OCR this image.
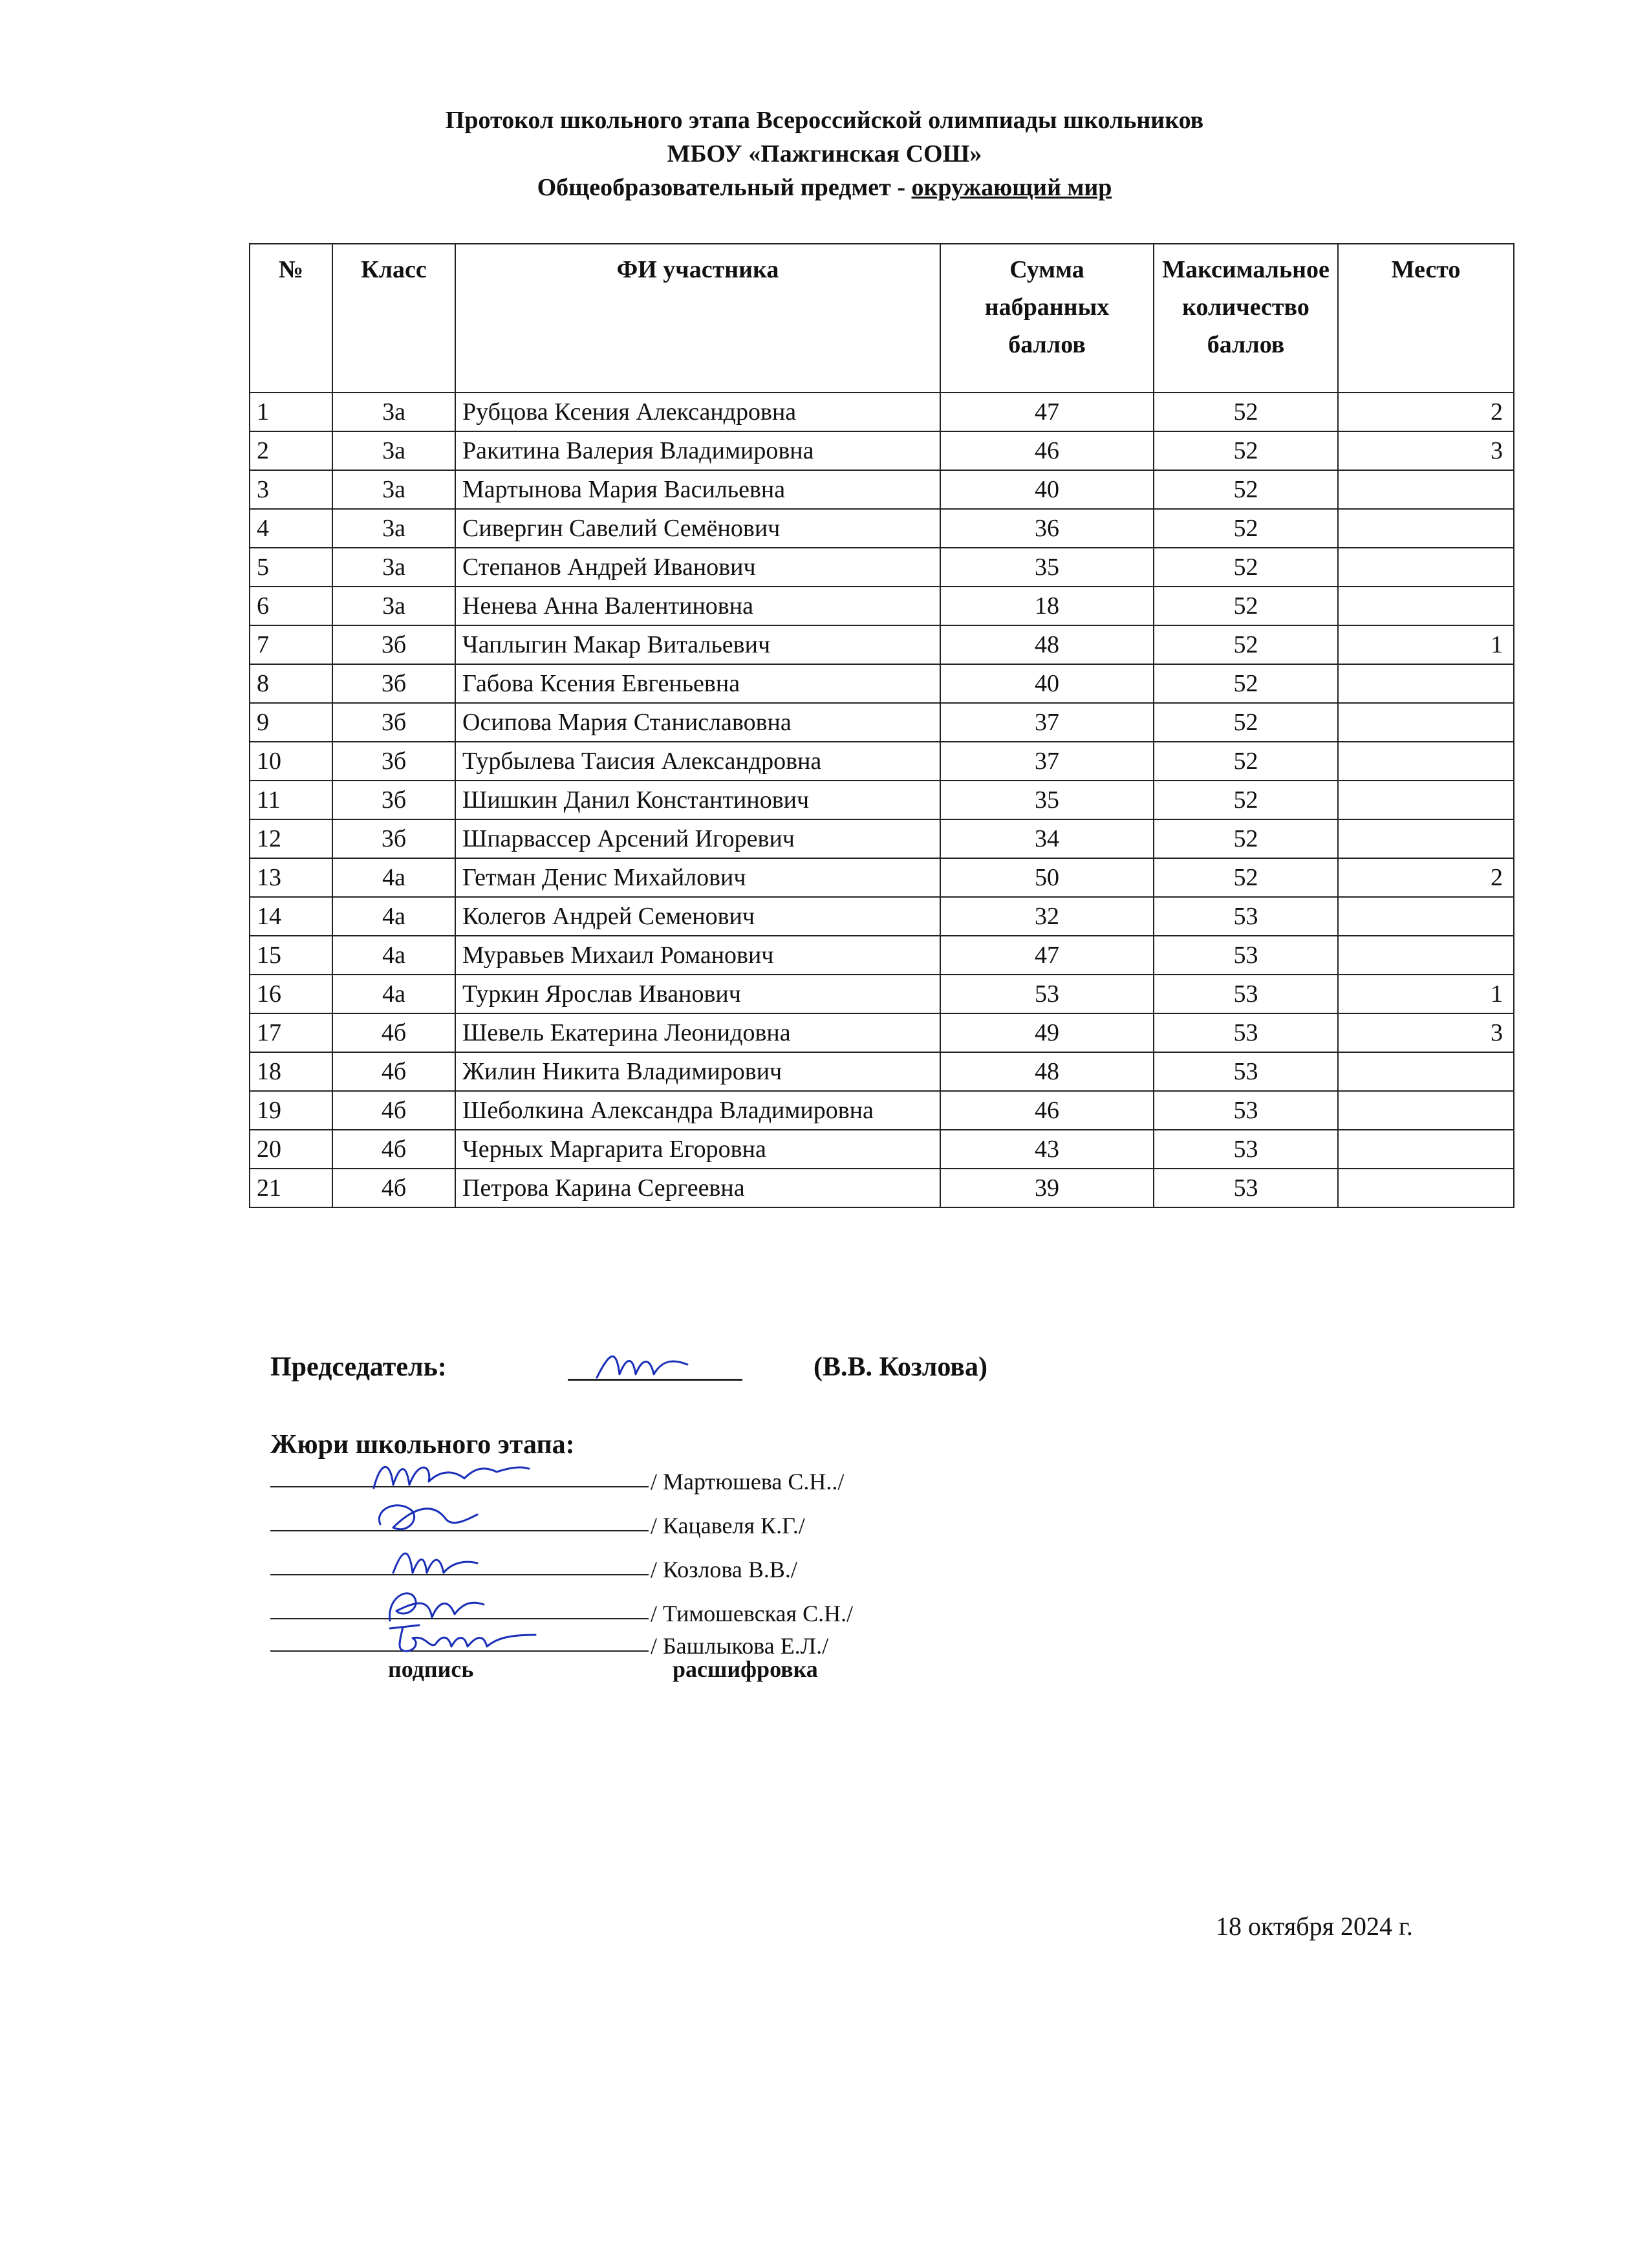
Протокол школьного этапа Всероссийской олимпиады школьников
МБОУ «Пажгинская СОШ»
Общеобразовательный предмет - окружающий мир
№	Класс	ФИ участника	Сумма набранных баллов	Максимальное количество баллов	Место
1	3а	Рубцова Ксения Александровна	47	52	2
2	3а	Ракитина Валерия Владимировна	46	52	3
3	3а	Мартынова Мария Васильевна	40	52	
4	3а	Сивергин Савелий Семёнович	36	52	
5	3а	Степанов Андрей Иванович	35	52	
6	3а	Ненева Анна Валентиновна	18	52	
7	3б	Чаплыгин Макар Витальевич	48	52	1
8	3б	Габова Ксения Евгеньевна	40	52	
9	3б	Осипова Мария Станиславовна	37	52	
10	3б	Турбылева Таисия Александровна	37	52	
11	3б	Шишкин Данил Константинович	35	52	
12	3б	Шпарвассер Арсений Игоревич	34	52	
13	4а	Гетман Денис Михайлович	50	52	2
14	4а	Колегов Андрей Семенович	32	53	
15	4а	Муравьев Михаил Романович	47	53	
16	4а	Туркин Ярослав Иванович	53	53	1
17	4б	Шевель Екатерина Леонидовна	49	53	3
18	4б	Жилин Никита Владимирович	48	53	
19	4б	Шеболкина Александра Владимировна	46	53	
20	4б	Черных Маргарита Егоровна	43	53	
21	4б	Петрова Карина Сергеевна	39	53	
Председатель:	(В.В. Козлова)
Жюри школьного этапа:
/ Мартюшева С.Н../
/ Кацавеля К.Г./
/ Козлова В.В./
/ Тимошевская С.Н./
/ Башлыкова Е.Л./
подпись	расшифровка
18 октября 2024 г.
